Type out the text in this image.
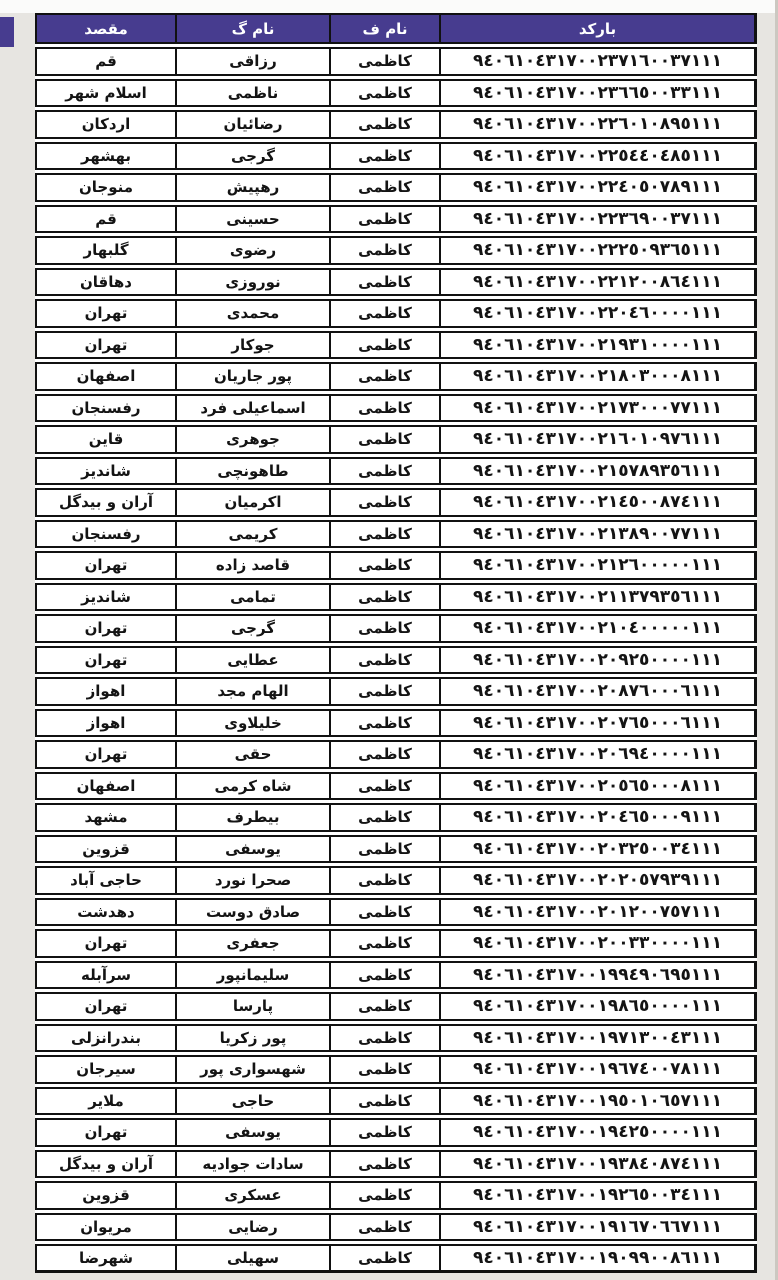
مقصد	نام گ	نام ف	بارکد
قم	رزاقی	کاظمی	٩٤٠٦١٠٤٣١٧٠٠٢٣٧١٦٠٠٣٧١١١
اسلام شهر	ناظمی	کاظمی	٩٤٠٦١٠٤٣١٧٠٠٢٣٦٦٥٠٠٣٣١١١
اردکان	رضائیان	کاظمی	٩٤٠٦١٠٤٣١٧٠٠٢٢٦٠١٠٨٩٥١١١
بهشهر	گرجی	کاظمی	٩٤٠٦١٠٤٣١٧٠٠٢٢٥٤٤٠٤٨٥١١١
منوجان	رهپیش	کاظمی	٩٤٠٦١٠٤٣١٧٠٠٢٢٤٠٥٠٧٨٩١١١
قم	حسینی	کاظمی	٩٤٠٦١٠٤٣١٧٠٠٢٢٣٦٩٠٠٣٧١١١
گلبهار	رضوی	کاظمی	٩٤٠٦١٠٤٣١٧٠٠٢٢٢٥٠٩٣٦٥١١١
دهاقان	نوروزی	کاظمی	٩٤٠٦١٠٤٣١٧٠٠٢٢١٢٠٠٨٦٤١١١
تهران	محمدی	کاظمی	٩٤٠٦١٠٤٣١٧٠٠٢٢٠٤٦٠٠٠٠١١١
تهران	جوکار	کاظمی	٩٤٠٦١٠٤٣١٧٠٠٢١٩٣١٠٠٠٠١١١
اصفهان	پور جاریان	کاظمی	٩٤٠٦١٠٤٣١٧٠٠٢١٨٠٣٠٠٠٨١١١
رفسنجان	اسماعیلی فرد	کاظمی	٩٤٠٦١٠٤٣١٧٠٠٢١٧٣٠٠٠٧٧١١١
قاین	جوهری	کاظمی	٩٤٠٦١٠٤٣١٧٠٠٢١٦٠١٠٩٧٦١١١
شاندیز	طاهونچی	کاظمی	٩٤٠٦١٠٤٣١٧٠٠٢١٥٧٨٩٣٥٦١١١
آران و بیدگل	اکرمیان	کاظمی	٩٤٠٦١٠٤٣١٧٠٠٢١٤٥٠٠٨٧٤١١١
رفسنجان	کریمی	کاظمی	٩٤٠٦١٠٤٣١٧٠٠٢١٣٨٩٠٠٧٧١١١
تهران	قاصد زاده	کاظمی	٩٤٠٦١٠٤٣١٧٠٠٢١٢٦٠٠٠٠٠١١١
شاندیز	تمامی	کاظمی	٩٤٠٦١٠٤٣١٧٠٠٢١١٣٧٩٣٥٦١١١
تهران	گرجی	کاظمی	٩٤٠٦١٠٤٣١٧٠٠٢١٠٤٠٠٠٠٠١١١
تهران	عطایی	کاظمی	٩٤٠٦١٠٤٣١٧٠٠٢٠٩٢٥٠٠٠٠١١١
اهواز	الهام مجد	کاظمی	٩٤٠٦١٠٤٣١٧٠٠٢٠٨٧٦٠٠٠٦١١١
اهواز	خلیلاوی	کاظمی	٩٤٠٦١٠٤٣١٧٠٠٢٠٧٦٥٠٠٠٦١١١
تهران	حقی	کاظمی	٩٤٠٦١٠٤٣١٧٠٠٢٠٦٩٤٠٠٠٠١١١
اصفهان	شاه کرمی	کاظمی	٩٤٠٦١٠٤٣١٧٠٠٢٠٥٦٥٠٠٠٨١١١
مشهد	بیطرف	کاظمی	٩٤٠٦١٠٤٣١٧٠٠٢٠٤٦٥٠٠٠٩١١١
قزوین	یوسفی	کاظمی	٩٤٠٦١٠٤٣١٧٠٠٢٠٣٢٥٠٠٣٤١١١
حاجی آباد	صحرا نورد	کاظمی	٩٤٠٦١٠٤٣١٧٠٠٢٠٢٠٥٧٩٣٩١١١
دهدشت	صادق دوست	کاظمی	٩٤٠٦١٠٤٣١٧٠٠٢٠١٢٠٠٧٥٧١١١
تهران	جعفری	کاظمی	٩٤٠٦١٠٤٣١٧٠٠٢٠٠٣٣٠٠٠٠١١١
سرآبله	سلیمانپور	کاظمی	٩٤٠٦١٠٤٣١٧٠٠١٩٩٤٩٠٦٩٥١١١
تهران	پارسا	کاظمی	٩٤٠٦١٠٤٣١٧٠٠١٩٨٦٥٠٠٠٠١١١
بندرانزلی	پور زکریا	کاظمی	٩٤٠٦١٠٤٣١٧٠٠١٩٧١٣٠٠٤٣١١١
سیرجان	شهسواری پور	کاظمی	٩٤٠٦١٠٤٣١٧٠٠١٩٦٧٤٠٠٧٨١١١
ملایر	حاجی	کاظمی	٩٤٠٦١٠٤٣١٧٠٠١٩٥٠١٠٦٥٧١١١
تهران	یوسفی	کاظمی	٩٤٠٦١٠٤٣١٧٠٠١٩٤٢٥٠٠٠٠١١١
آران و بیدگل	سادات جوادیه	کاظمی	٩٤٠٦١٠٤٣١٧٠٠١٩٣٨٤٠٨٧٤١١١
قزوین	عسکری	کاظمی	٩٤٠٦١٠٤٣١٧٠٠١٩٢٦٥٠٠٣٤١١١
مریوان	رضایی	کاظمی	٩٤٠٦١٠٤٣١٧٠٠١٩١٦٧٠٦٦٧١١١
شهرضا	سهیلی	کاظمی	٩٤٠٦١٠٤٣١٧٠٠١٩٠٩٩٠٠٨٦١١١
